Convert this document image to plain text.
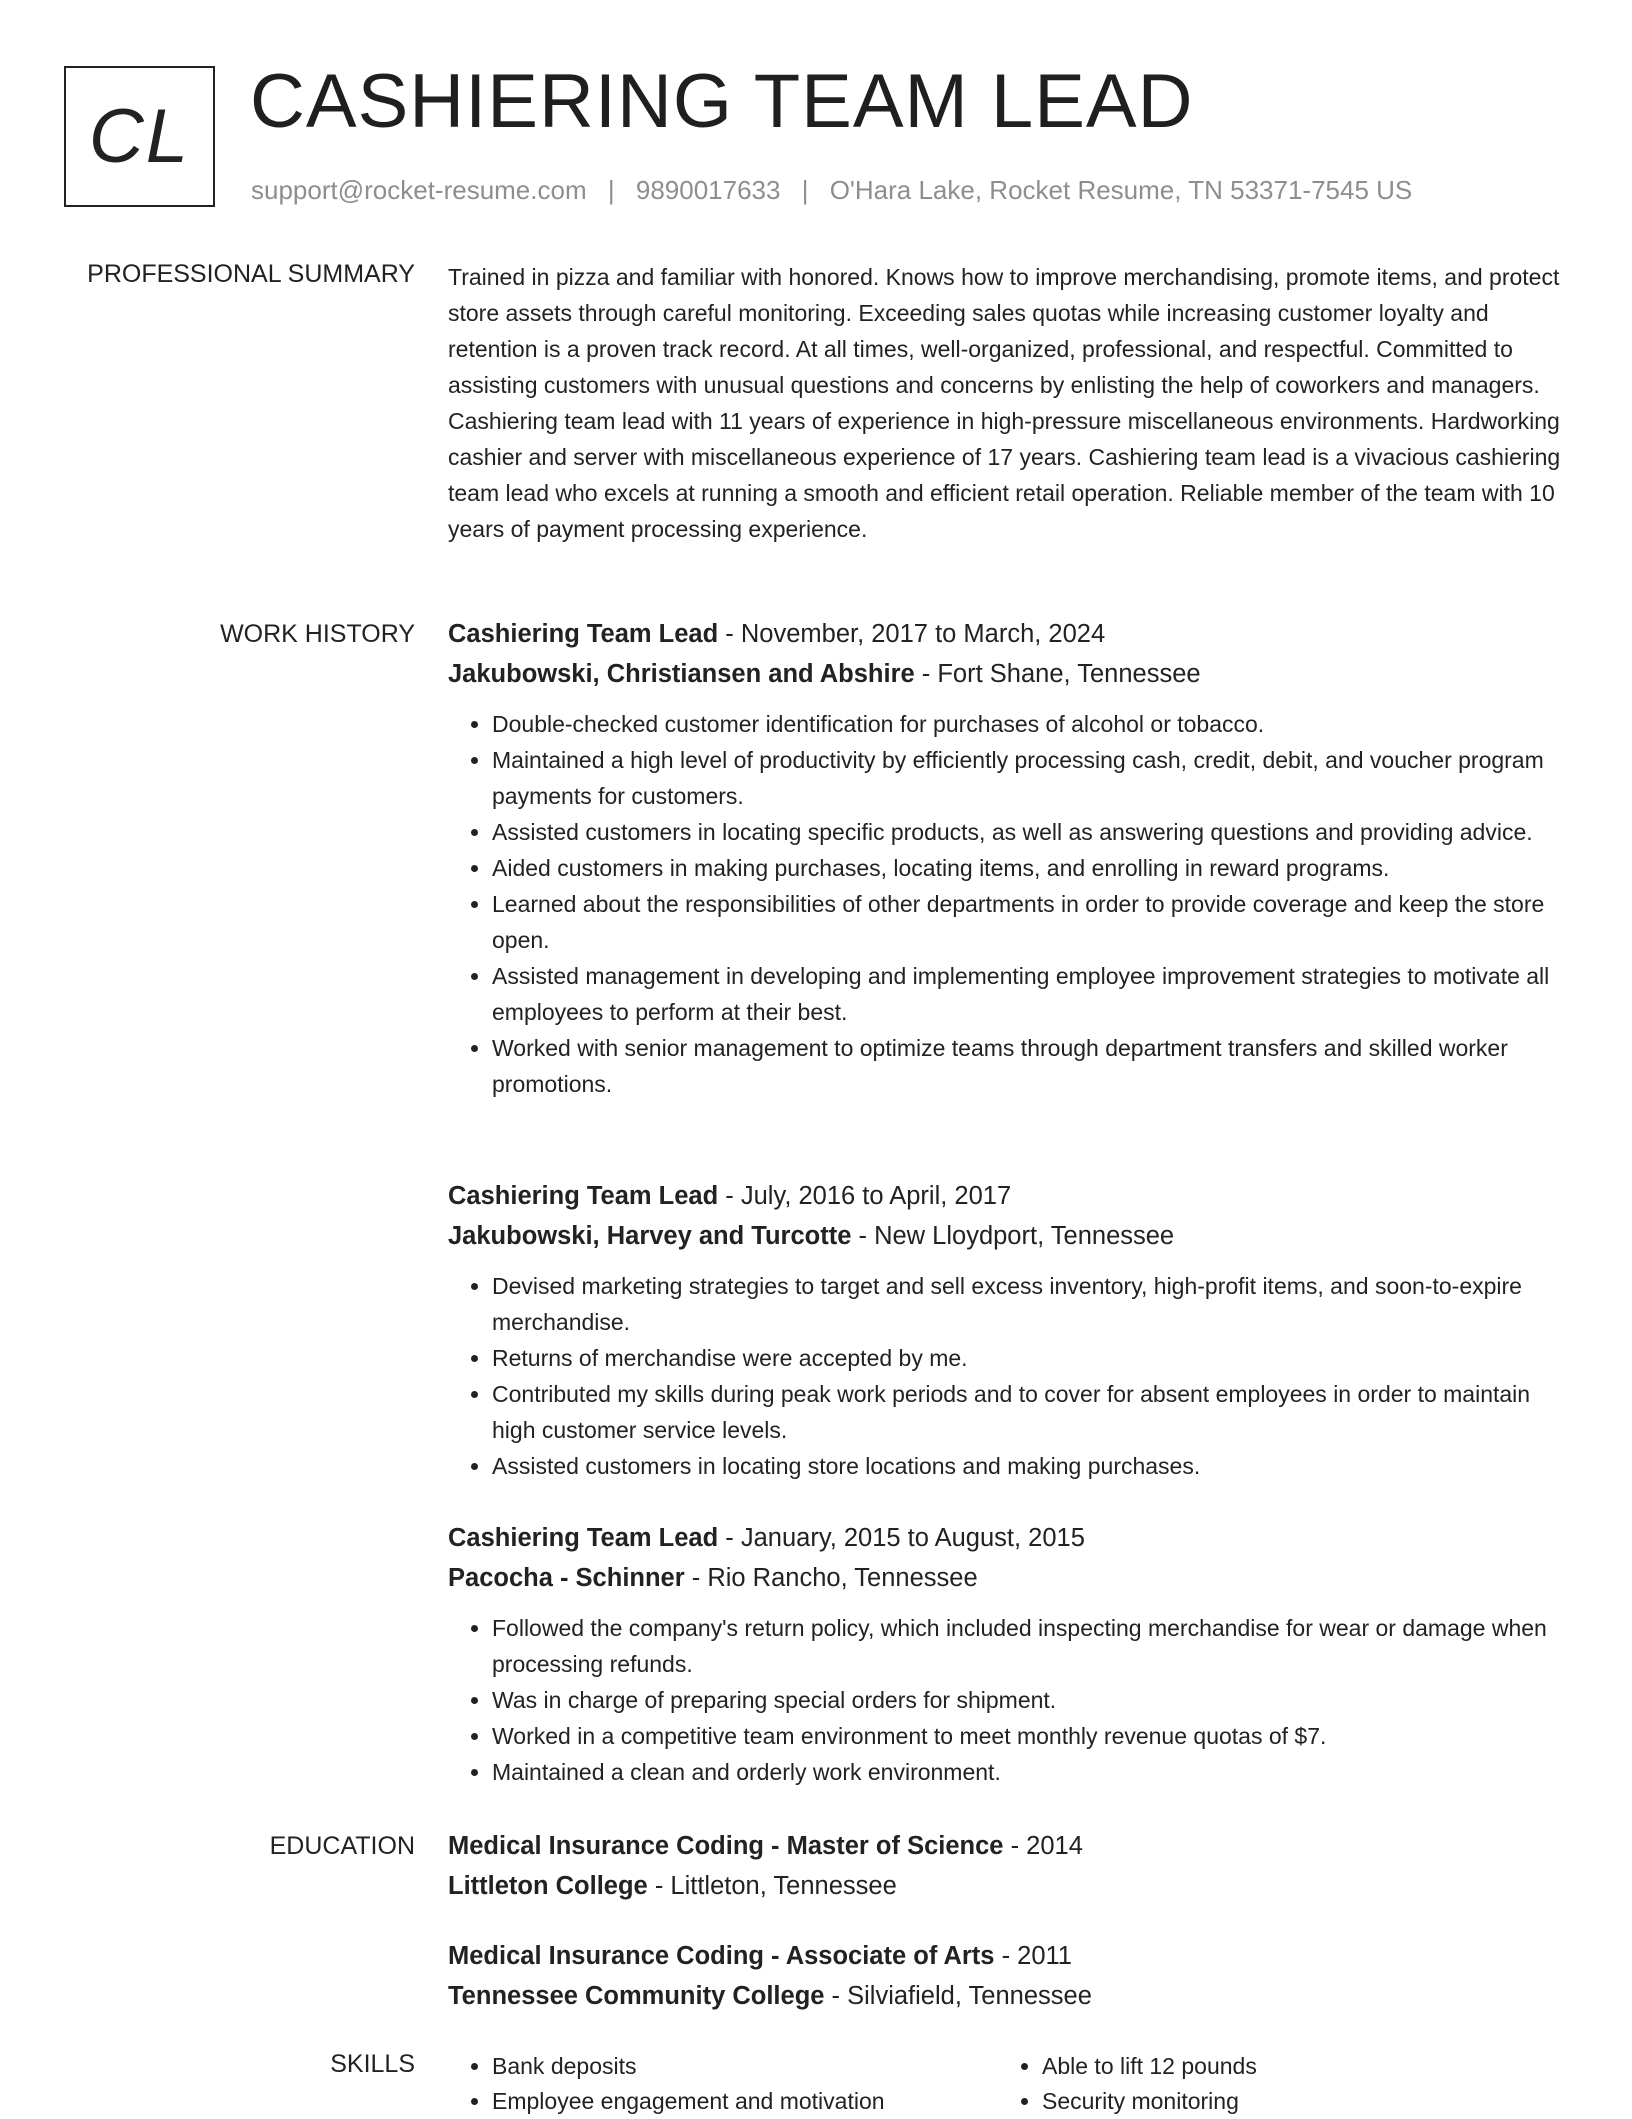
CL CASHIERING TEAM LEAD
support@rocket-resume.com | 9890017633 | O'Hara Lake, Rocket Resume, TN 53371-7545 US
PROFESSIONAL SUMMARY Trained in pizza and familiar with honored. Knows how to improve merchandising, promote items, and protect store assets through careful monitoring. Exceeding sales quotas while increasing customer loyalty and retention is a proven track record. At all times, well-organized, professional, and respectful. Committed to assisting customers with unusual questions and concerns by enlisting the help of coworkers and managers. Cashiering team lead with 11 years of experience in high-pressure miscellaneous environments. Hardworking cashier and server with miscellaneous experience of 17 years. Cashiering team lead is a vivacious cashiering team lead who excels at running a smooth and efficient retail operation. Reliable member of the team with 10 years of payment processing experience.

WORK HISTORY Cashiering Team Lead - November, 2017 to March, 2024
Jakubowski, Christiansen and Abshire - Fort Shane, Tennessee
• Double-checked customer identification for purchases of alcohol or tobacco.
• Maintained a high level of productivity by efficiently processing cash, credit, debit, and voucher program payments for customers.
• Assisted customers in locating specific products, as well as answering questions and providing advice.
• Aided customers in making purchases, locating items, and enrolling in reward programs.
• Learned about the responsibilities of other departments in order to provide coverage and keep the store open.
• Assisted management in developing and implementing employee improvement strategies to motivate all employees to perform at their best.
• Worked with senior management to optimize teams through department transfers and skilled worker promotions.
Cashiering Team Lead - July, 2016 to April, 2017
Jakubowski, Harvey and Turcotte - New Lloydport, Tennessee
• Devised marketing strategies to target and sell excess inventory, high-profit items, and soon-to-expire merchandise.
• Returns of merchandise were accepted by me.
• Contributed my skills during peak work periods and to cover for absent employees in order to maintain high customer service levels.
• Assisted customers in locating store locations and making purchases.
Cashiering Team Lead - January, 2015 to August, 2015
Pacocha - Schinner - Rio Rancho, Tennessee
• Followed the company's return policy, which included inspecting merchandise for wear or damage when processing refunds.
• Was in charge of preparing special orders for shipment.
• Worked in a competitive team environment to meet monthly revenue quotas of $7.
• Maintained a clean and orderly work environment.
EDUCATION Medical Insurance Coding - Master of Science - 2014
Littleton College - Littleton, Tennessee
Medical Insurance Coding - Associate of Arts - 2011
Tennessee Community College - Silviafield, Tennessee
SKILLS
•	Bank deposits
• Employee engagement and motivation
• Able to lift 12 pounds
• Security monitoring
